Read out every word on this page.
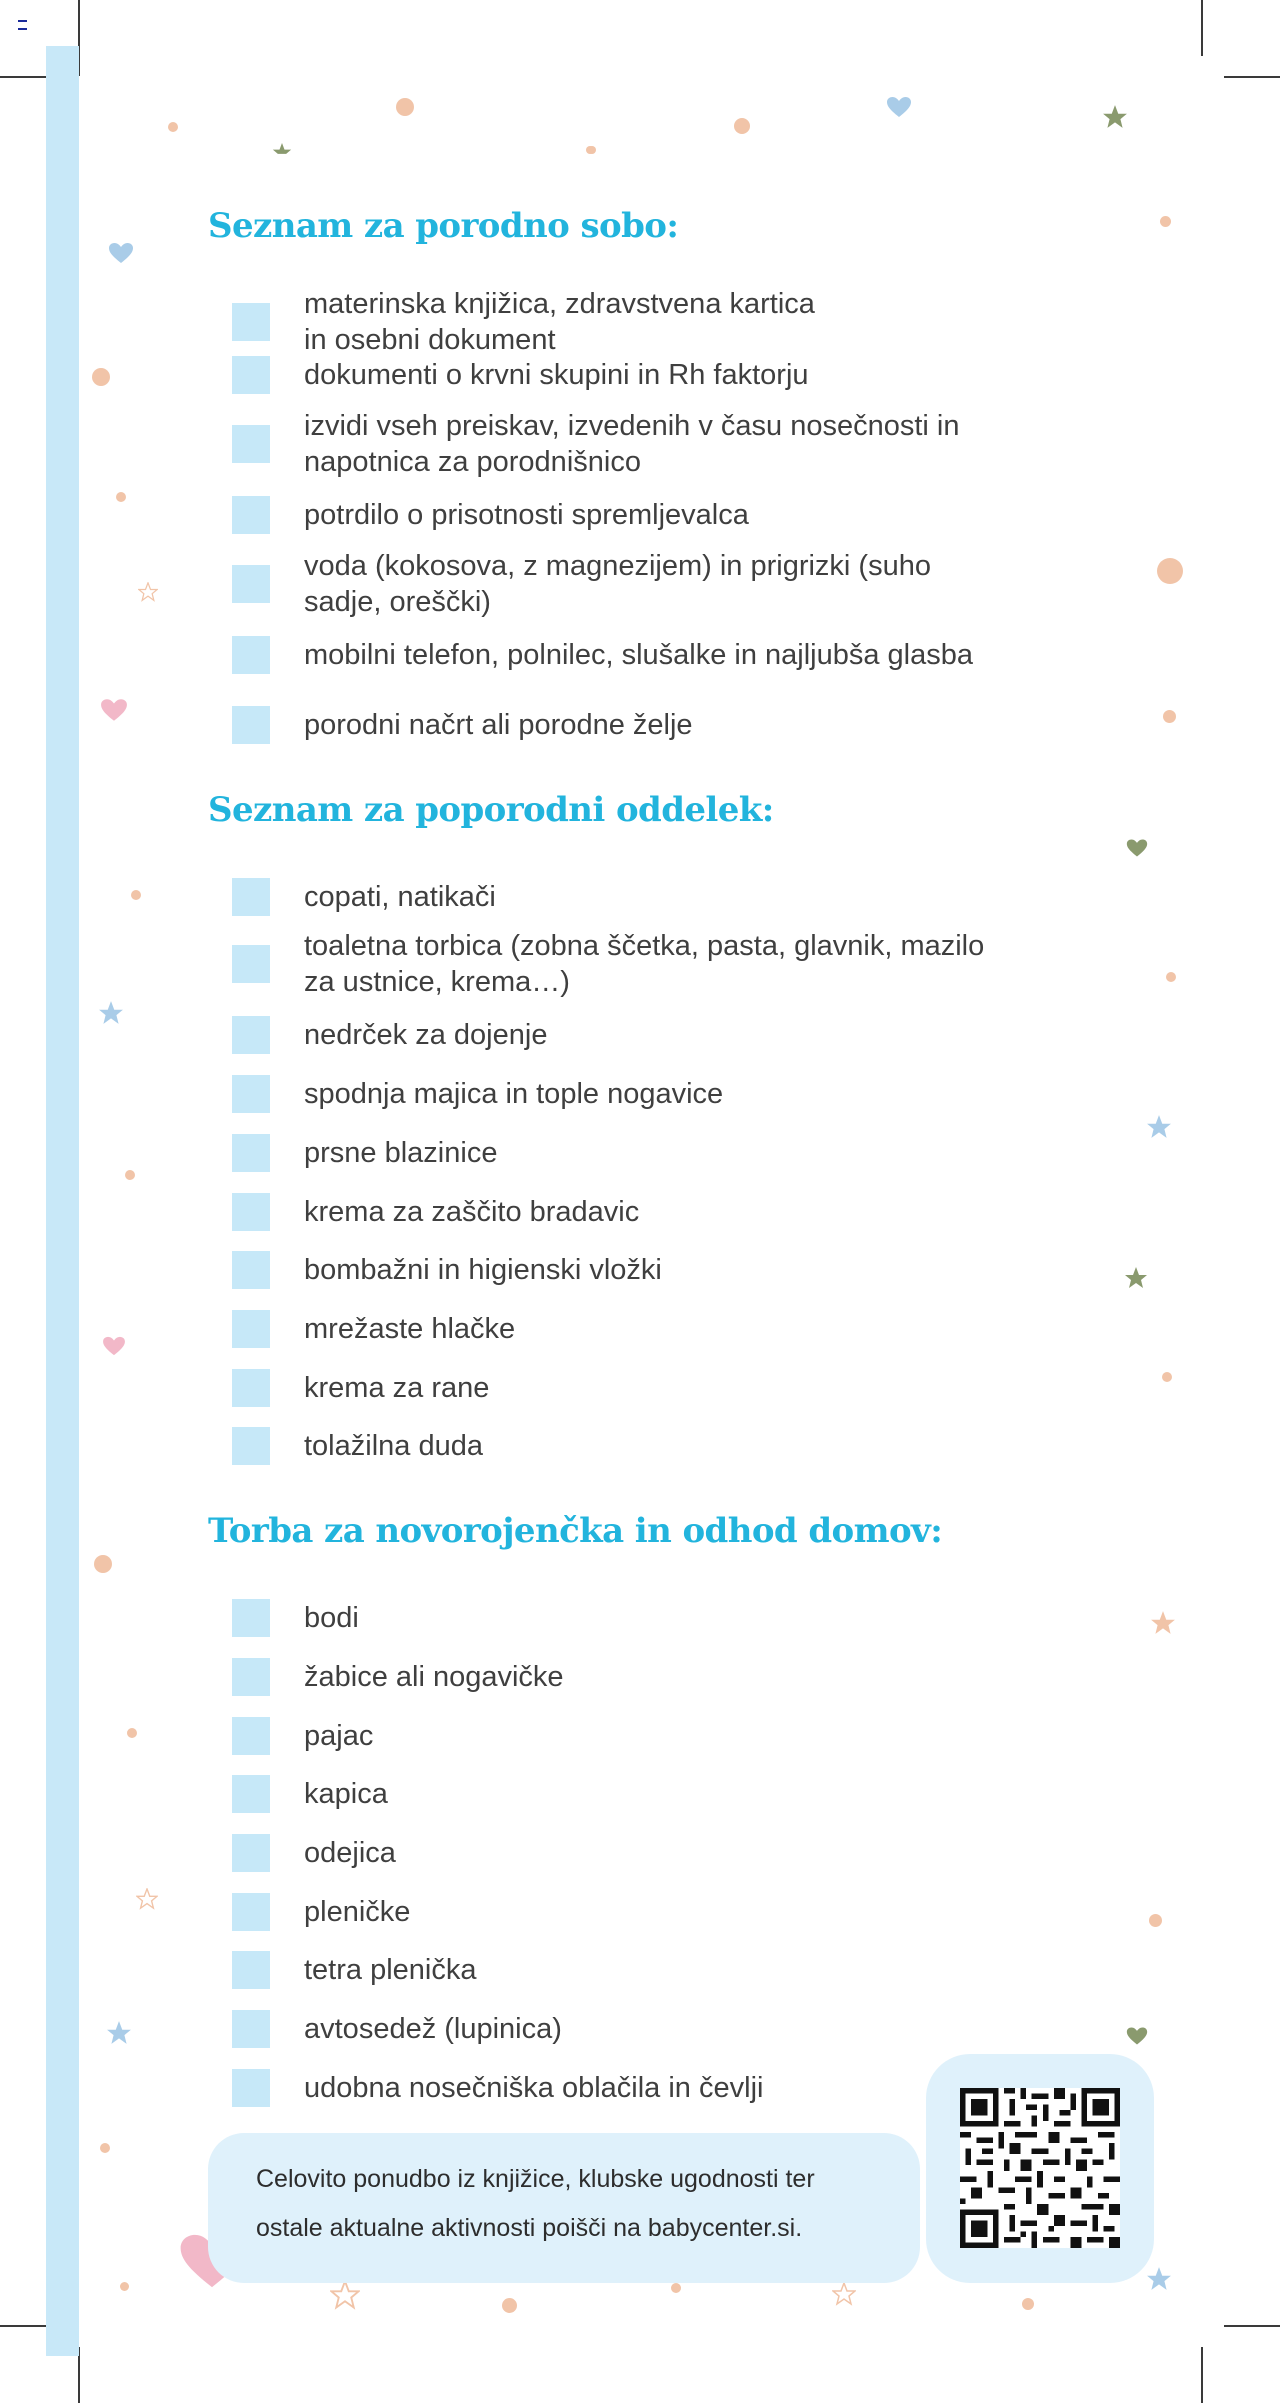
Seznam za porodno sobo:
materinska knjižica, zdravstvena kartica
in osebni dokument
dokumenti o krvni skupini in Rh faktorju
izvidi vseh preiskav, izvedenih v času nosečnosti in
napotnica za porodnišnico
potrdilo o prisotnosti spremljevalca
voda (kokosova, z magnezijem) in prigrizki (suho
sadje, oreščki)
mobilni telefon, polnilec, slušalke in najljubša glasba
porodni načrt ali porodne želje
Seznam za poporodni oddelek:
copati, natikači
toaletna torbica (zobna ščetka, pasta, glavnik, mazilo
za ustnice, krema…)
nedrček za dojenje
spodnja majica in tople nogavice
prsne blazinice
krema za zaščito bradavic
bombažni in higienski vložki
mrežaste hlačke
krema za rane
tolažilna duda
Torba za novorojenčka in odhod domov:
bodi
žabice ali nogavičke
pajac
kapica
odejica
pleničke
tetra plenička
avtosedež (lupinica)
udobna nosečniška oblačila in čevlji
Celovito ponudbo iz knjižice, klubske ugodnosti ter
ostale aktualne aktivnosti poišči na babycenter.si.
